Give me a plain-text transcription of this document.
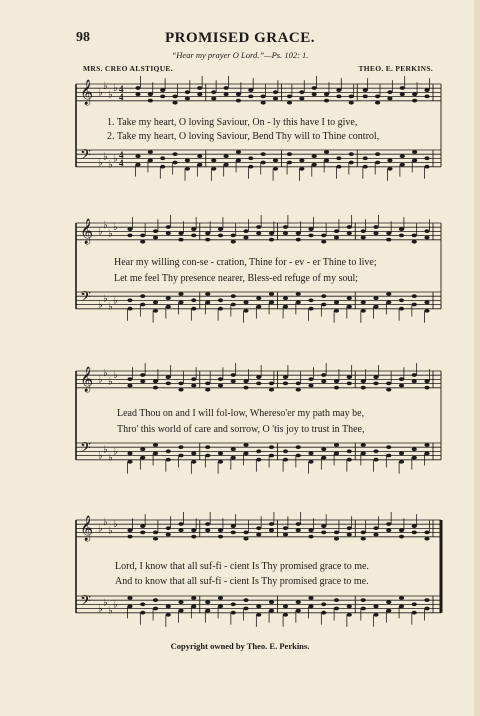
98	PROMISED GRACE.
“Hear my prayer O Lord.”—Ps. 102: 1.
MRS. CREO ALSTIQUE.	THEO. E. PERKINS.
𝄞
𝄢
♭
♭
♭
♭
♭
♭
♭
♭
4
4
4
4
𝄞
𝄢
♭
♭
♭
♭
♭
♭
♭
♭
𝄞
𝄢
♭
♭
♭
♭
♭
♭
♭
♭
𝄞
𝄢
♭
♭
♭
♭
♭
♭
♭
♭
1. Take my heart, O loving Saviour, On - ly this have I to give,
2. Take my heart, O loving Saviour, Bend Thy will to Thine control,
Hear my willing con-se - cration, Thine for - ev - er Thine to live;
Let me feel Thy presence nearer, Bless-ed refuge of my soul;
Lead Thou on and I will fol-low, Whereso'er my path may be,
Thro' this world of care and sorrow, O 'tis joy to trust in Thee,
Lord, I know that all suf-fi - cient Is Thy promised grace to me.
And to know that all suf-fi - cient Is Thy promised grace to me.
Copyright owned by Theo. E. Perkins.
